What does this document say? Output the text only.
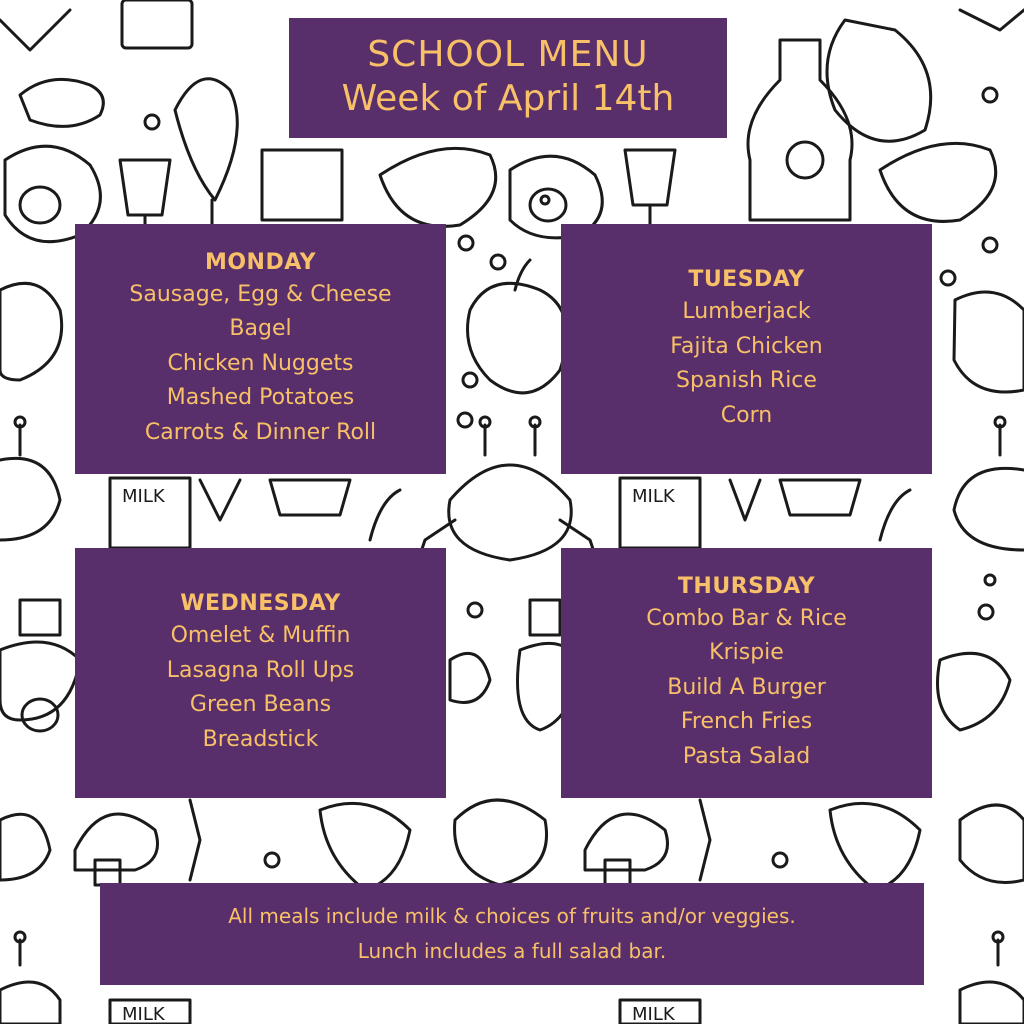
MILK	MILK
MILK	MILK
SCHOOL MENU
Week of April 14th
MONDAY
Sausage, Egg & Cheese
Bagel
Chicken Nuggets
Mashed Potatoes
Carrots & Dinner Roll
TUESDAY
Lumberjack
Fajita Chicken
Spanish Rice
Corn
WEDNESDAY
Omelet & Muffin
Lasagna Roll Ups
Green Beans
Breadstick
THURSDAY
Combo Bar & Rice
Krispie
Build A Burger
French Fries
Pasta Salad
All meals include milk & choices of fruits and/or veggies.
Lunch includes a full salad bar.
